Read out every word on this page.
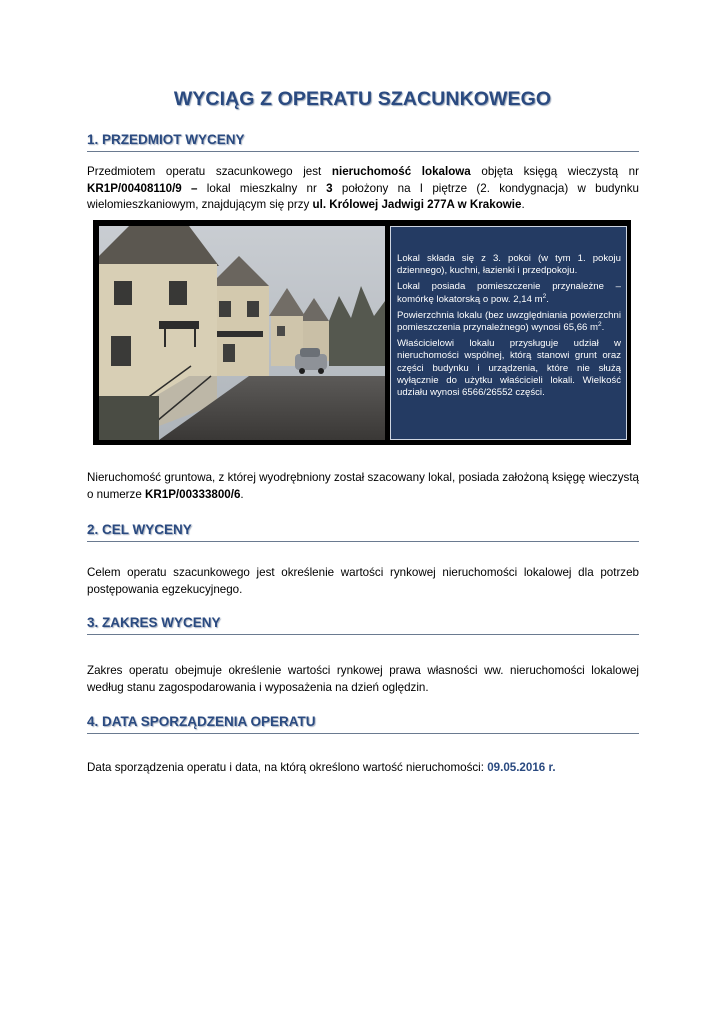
WYCIĄG Z OPERATU SZACUNKOWEGO
1. PRZEDMIOT WYCENY
Przedmiotem operatu szacunkowego jest nieruchomość lokalowa objęta księgą wieczystą nr KR1P/00408110/9 – lokal mieszkalny nr 3 położony na I piętrze (2. kondygnacja) w budynku wielomieszkaniowym, znajdującym się przy ul. Królowej Jadwigi 277A w Krakowie.

Lokal składa się z 3. pokoi (w tym 1. pokoju dziennego), kuchni, łazienki i przedpokoju.

Lokal posiada pomieszczenie przynależne – komórkę lokatorską o pow. 2,14 $m^2$.

Powierzchnia lokalu (bez uwzględniania powierzchni pomieszczenia przynależnego) wynosi 65,66 $m^2$.

Właścicielowi lokalu przysługuje udział w nieruchomości wspólnej, którą stanowi grunt oraz części budynku i urządzenia, które nie służą wyłącznie do użytku właścicieli lokali. Wielkość udziału wynosi 6566/26552 części.

Nieruchomość gruntowa, z której wyodrębniony został szacowany lokal, posiada założoną księgę wieczystą o numerze KR1P/00333800/6.
2. CEL WYCENY
Celem operatu szacunkowego jest określenie wartości rynkowej nieruchomości lokalowej dla potrzeb postępowania egzekucyjnego.
3. ZAKRES WYCENY
Zakres operatu obejmuje określenie wartości rynkowej prawa własności ww. nieruchomości lokalowej według stanu zagospodarowania i wyposażenia na dzień oględzin.
4. DATA SPORZĄDZENIA OPERATU
Data sporządzenia operatu i data, na którą określono wartość nieruchomości: 09.05.2016 r.
